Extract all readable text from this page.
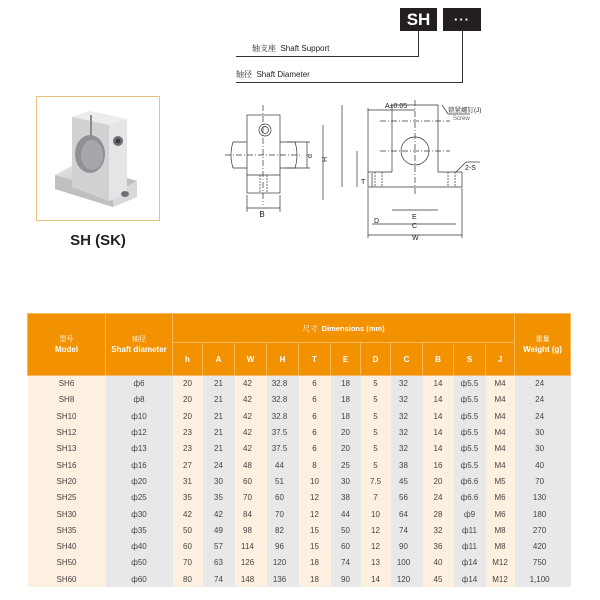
SH ···
轴支座 Shaft Support
轴径 Shaft Diameter
SH (SK)
B
d
H
A±0.05
锁紧螺钉(J)
Screw
2-S
T
E
D
C
W
型号
Model	轴径
Shaft diameter	尺寸 Dimensions (mm)											重量
Weight (g)
		h	A	W	H	T	E	D	C	B	S	J	
SH6	ф6	20	21	42	32.8	6	18	5	32	14	ф5.5	M4	24
SH8	ф8	20	21	42	32.8	6	18	5	32	14	ф5.5	M4	24
SH10	ф10	20	21	42	32.8	6	18	5	32	14	ф5.5	M4	24
SH12	ф12	23	21	42	37.5	6	20	5	32	14	ф5.5	M4	30
SH13	ф13	23	21	42	37.5	6	20	5	32	14	ф5.5	M4	30
SH16	ф16	27	24	48	44	8	25	5	38	16	ф5.5	M4	40
SH20	ф20	31	30	60	51	10	30	7.5	45	20	ф6.6	M5	70
SH25	ф25	35	35	70	60	12	38	7	56	24	ф6.6	M6	130
SH30	ф30	42	42	84	70	12	44	10	64	28	ф9	M6	180
SH35	ф35	50	49	98	82	15	50	12	74	32	ф11	M8	270
SH40	ф40	60	57	114	96	15	60	12	90	36	ф11	M8	420
SH50	ф50	70	63	126	120	18	74	13	100	40	ф14	M12	750
SH60	ф60	80	74	148	136	18	90	14	120	45	ф14	M12	1,100
